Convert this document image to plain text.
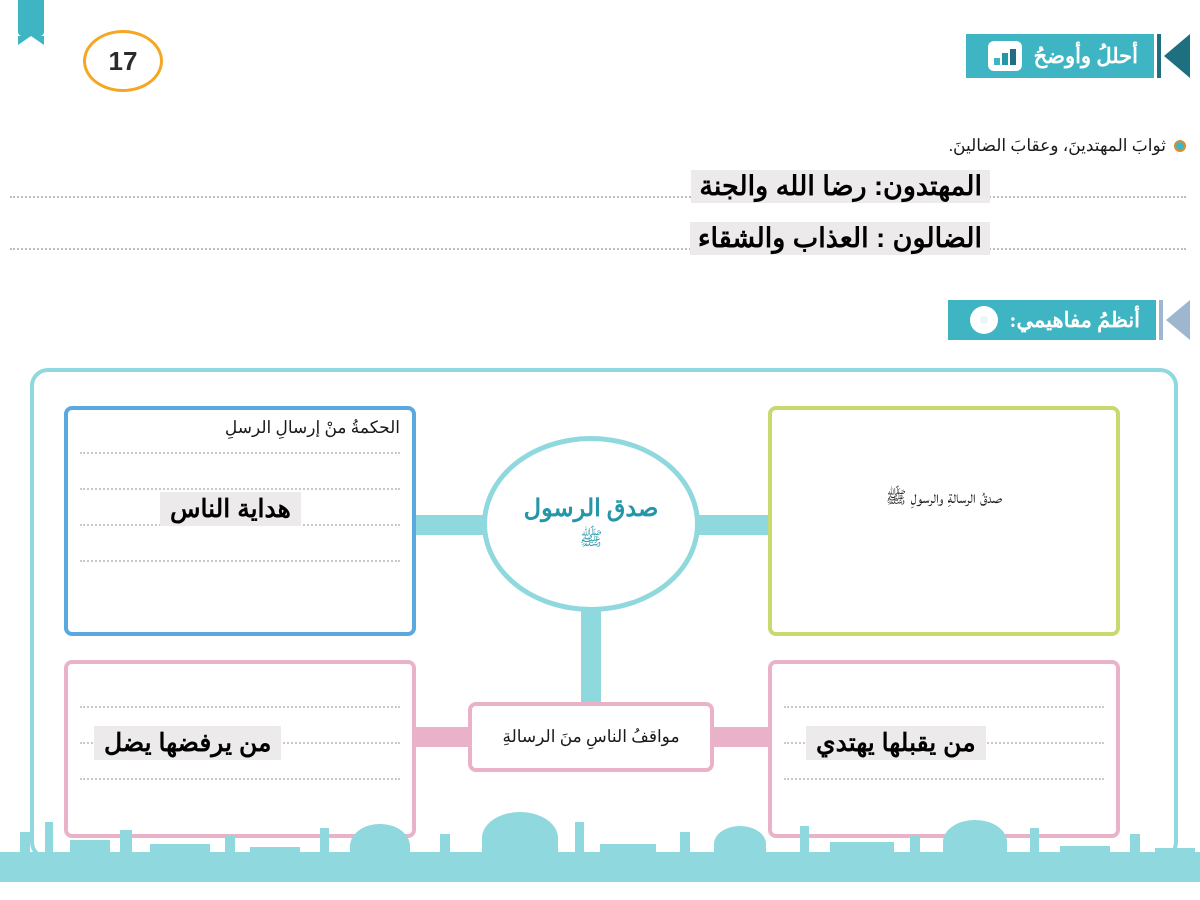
17	أحللُ وأوضحُ
ثوابَ المهتدينَ، وعقابَ الضالينَ.
المهتدون: رضا الله والجنة
الضالون : العذاب والشقاء
أنظمُ مفاهيمي:
الحكمةُ منْ إرسالِ الرسلِ
هداية الناس	صدقُ الرسالةِ والرسولِ ﷺ
صدق الرسول
ﷺ
مواقفُ الناسِ منَ الرسالةِ
من يرفضها يضل	من يقبلها يهتدي
